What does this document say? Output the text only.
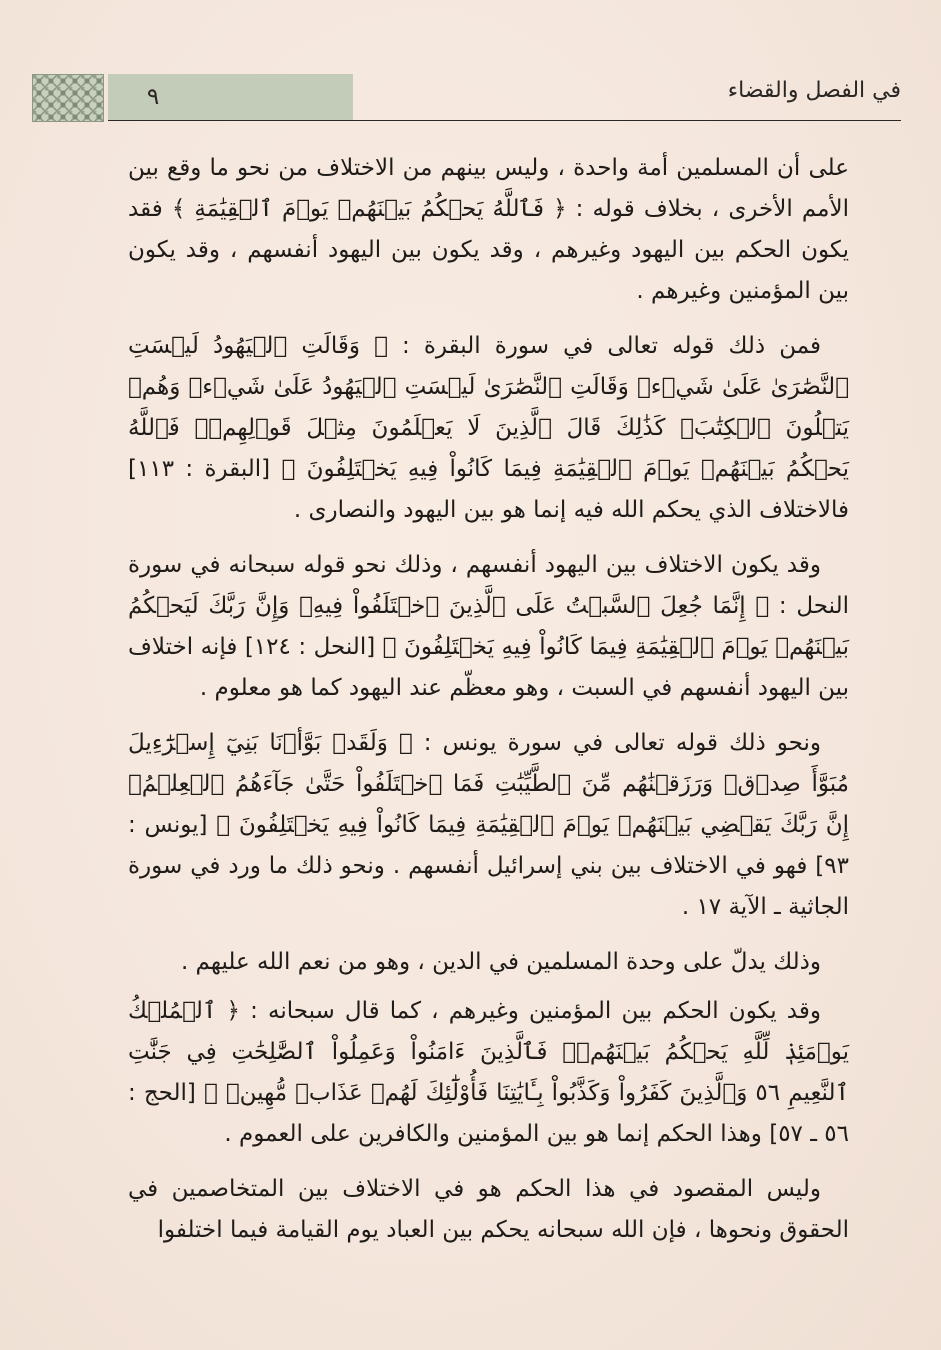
٩	في الفصل والقضاء

على أن المسلمين أمة واحدة ، وليس بينهم من الاختلاف من نحو ما وقع بين الأمم الأخرى ، بخلاف قوله : ﴿ فَٱللَّهُ يَحۡكُمُ بَيۡنَهُمۡ يَوۡمَ ٱلۡقِيَٰمَةِ ﴾ فقد يكون الحكم بين اليهود وغيرهم ، وقد يكون بين اليهود أنفسهم ، وقد يكون بين المؤمنين وغيرهم .

فمن ذلك قوله تعالى في سورة البقرة : ﴿ وَقَالَتِ ٱلۡيَهُودُ لَيۡسَتِ ٱلنَّصَٰرَىٰ عَلَىٰ شَيۡءٖ وَقَالَتِ ٱلنَّصَٰرَىٰ لَيۡسَتِ ٱلۡيَهُودُ عَلَىٰ شَيۡءٖ وَهُمۡ يَتۡلُونَ ٱلۡكِتَٰبَۗ كَذَٰلِكَ قَالَ ٱلَّذِينَ لَا يَعۡلَمُونَ مِثۡلَ قَوۡلِهِمۡۚ فَٱللَّهُ يَحۡكُمُ بَيۡنَهُمۡ يَوۡمَ ٱلۡقِيَٰمَةِ فِيمَا كَانُواْ فِيهِ يَخۡتَلِفُونَ ﴾ [البقرة : ١١٣] فالاختلاف الذي يحكم الله فيه إنما هو بين اليهود والنصارى .

وقد يكون الاختلاف بين اليهود أنفسهم ، وذلك نحو قوله سبحانه في سورة النحل : ﴿ إِنَّمَا جُعِلَ ٱلسَّبۡتُ عَلَى ٱلَّذِينَ ٱخۡتَلَفُواْ فِيهِۚ وَإِنَّ رَبَّكَ لَيَحۡكُمُ بَيۡنَهُمۡ يَوۡمَ ٱلۡقِيَٰمَةِ فِيمَا كَانُواْ فِيهِ يَخۡتَلِفُونَ ﴾ [النحل : ١٢٤] فإنه اختلاف بين اليهود أنفسهم في السبت ، وهو معظّم عند اليهود كما هو معلوم .

ونحو ذلك قوله تعالى في سورة يونس : ﴿ وَلَقَدۡ بَوَّأۡنَا بَنِيٓ إِسۡرَٰٓءِيلَ مُبَوَّأَ صِدۡقٖ وَرَزَقۡنَٰهُم مِّنَ ٱلطَّيِّبَٰتِ فَمَا ٱخۡتَلَفُواْ حَتَّىٰ جَآءَهُمُ ٱلۡعِلۡمُۚ إِنَّ رَبَّكَ يَقۡضِي بَيۡنَهُمۡ يَوۡمَ ٱلۡقِيَٰمَةِ فِيمَا كَانُواْ فِيهِ يَخۡتَلِفُونَ ﴾ [يونس : ٩٣] فهو في الاختلاف بين بني إسرائيل أنفسهم . ونحو ذلك ما ورد في سورة الجاثية ـ الآية ١٧ .

وذلك يدلّ على وحدة المسلمين في الدين ، وهو من نعم الله عليهم .

وقد يكون الحكم بين المؤمنين وغيرهم ، كما قال سبحانه : ﴿ ٱلۡمُلۡكُ يَوۡمَئِذٖ لِّلَّهِ يَحۡكُمُ بَيۡنَهُمۡۚ فَٱلَّذِينَ ءَامَنُواْ وَعَمِلُواْ ٱلصَّٰلِحَٰتِ فِي جَنَّٰتِ ٱلنَّعِيمِ ٥٦ وَٱلَّذِينَ كَفَرُواْ وَكَذَّبُواْ بِـَٔايَٰتِنَا فَأُوْلَٰٓئِكَ لَهُمۡ عَذَابٞ مُّهِينٞ ﴾ [الحج : ٥٦ ـ ٥٧] وهذا الحكم إنما هو بين المؤمنين والكافرين على العموم .

وليس المقصود في هذا الحكم هو في الاختلاف بين المتخاصمين في الحقوق ونحوها ، فإن الله سبحانه يحكم بين العباد يوم القيامة فيما اختلفوا
